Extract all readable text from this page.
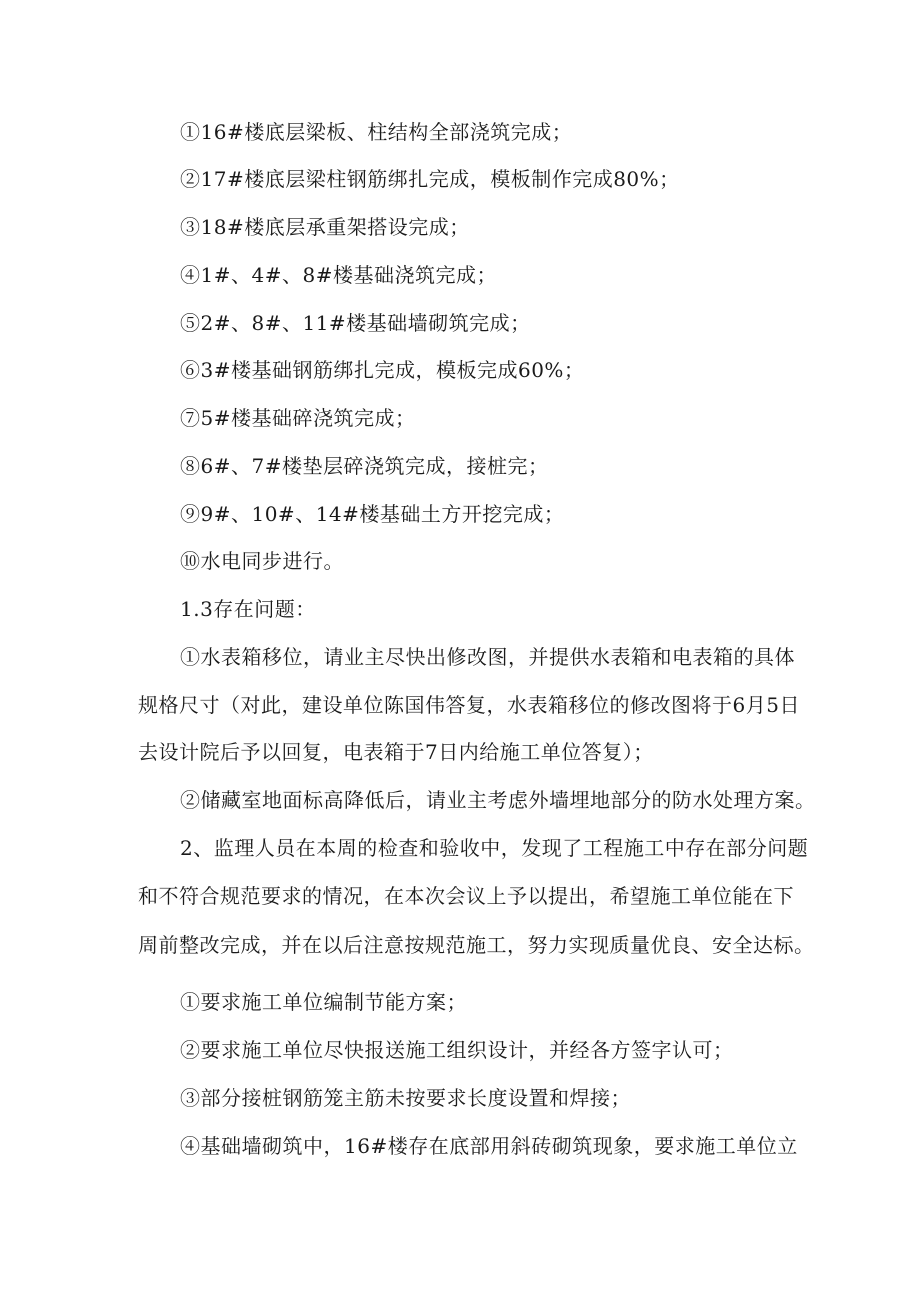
①16#楼底层梁板、柱结构全部浇筑完成；
②17#楼底层梁柱钢筋绑扎完成，模板制作完成80%；
③18#楼底层承重架搭设完成；
④1#、4#、8#楼基础浇筑完成；
⑤2#、8#、11#楼基础墙砌筑完成；
⑥3#楼基础钢筋绑扎完成，模板完成60%；
⑦5#楼基础碎浇筑完成；
⑧6#、7#楼垫层碎浇筑完成，接桩完；
⑨9#、10#、14#楼基础土方开挖完成；
⑩水电同步进行。
1.3存在问题：
①水表箱移位，请业主尽快出修改图，并提供水表箱和电表箱的具体
规格尺寸（对此，建设单位陈国伟答复，水表箱移位的修改图将于6月5日
去设计院后予以回复，电表箱于7日内给施工单位答复）；
②储藏室地面标高降低后，请业主考虑外墙埋地部分的防水处理方案。
2、监理人员在本周的检查和验收中，发现了工程施工中存在部分问题
和不符合规范要求的情况，在本次会议上予以提出，希望施工单位能在下
周前整改完成，并在以后注意按规范施工，努力实现质量优良、安全达标。
①要求施工单位编制节能方案；
②要求施工单位尽快报送施工组织设计，并经各方签字认可；
③部分接桩钢筋笼主筋未按要求长度设置和焊接；
④基础墙砌筑中，16#楼存在底部用斜砖砌筑现象，要求施工单位立
